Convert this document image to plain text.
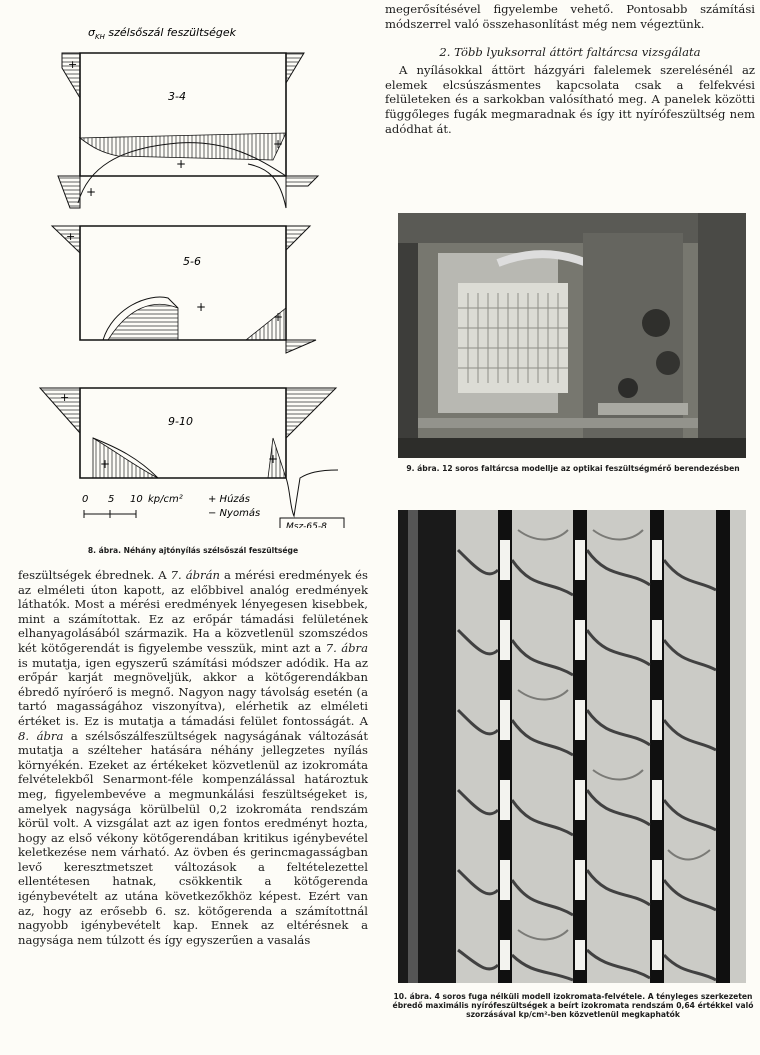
$\sigma_{KH}$ szélsőszál feszültségek
3-4
+
+
+
+
5-6
+
+
+
9-10
+
+	+
0 5 10 kp/cm²	+ Húzás
− Nyomás
Msz-65-8

8. ábra. Néhány ajtónyílás szélsőszál feszültsége

feszültségek ébrednek. A 7. ábrán a mérési eredmények és az elméleti úton kapott, az előbbivel analóg eredmények láthatók. Most a mérési eredmények lényegesen kisebbek, mint a számítottak. Ez az erőpár támadási felületének elhanyagolásából származik. Ha a közvetlenül szomszédos két kötőgerendát is figyelembe vesszük, mint azt a 7. ábra is mutatja, igen egyszerű számítási módszer adódik. Ha az erőpár karját megnöveljük, akkor a kötőgerendákban ébredő nyíróerő is megnő. Nagyon nagy távolság esetén (a tartó magasságához viszonyítva), elérhetik az elméleti értéket is. Ez is mutatja a támadási felület fontosságát. A 8. ábra a szélsőszálfeszültségek nagyságának változását mutatja a szélteher hatására néhány jellegzetes nyílás környékén. Ezeket az értékeket közvetlenül az izokromáta felvételekből Senarmont-féle kompenzálással határoztuk meg, figyelembevéve a megmunkálási feszültségeket is, amelyek nagysága körülbelül 0,2 izokromáta rendszám körül volt. A vizsgálat azt az igen fontos eredményt hozta, hogy az első vékony kötőgerendában kritikus igénybevétel keletkezése nem várható. Az övben és gerincmagasságban levő keresztmetszet változások a feltételezettel ellentétesen hatnak, csökkentik a kötőgerenda igénybevételt az utána következőkhöz képest. Ezért van az, hogy az erősebb 6. sz. kötőgerenda a számítottnál nagyobb igénybevételt kap. Ennek az eltérésnek a nagysága nem túlzott és így egyszerűen a vasalás

megerősítésével figyelembe vehető. Pontosabb számítási módszerrel való összehasonlítást még nem végeztünk.

2. Több lyuksorral áttört faltárcsa vizsgálata

A nyílásokkal áttört házgyári falelemek szerelésénél az elemek elcsúszásmentes kapcsolata csak a felfekvési felületeken és a sarkokban valósítható meg. A panelek közötti függőleges fugák megmaradnak és így itt nyírófeszültség nem adódhat át.

9. ábra. 12 soros faltárcsa modellje az optikai feszültségmérő berendezésben

10. ábra. 4 soros fuga nélküli modell izokromata-felvétele. A tényleges szerkezeten ébredő maximális nyírófeszültségek a beírt izokromata rendszám 0,64 értékkel való szorzásával kp/cm²-ben közvetlenül megkaphatók
